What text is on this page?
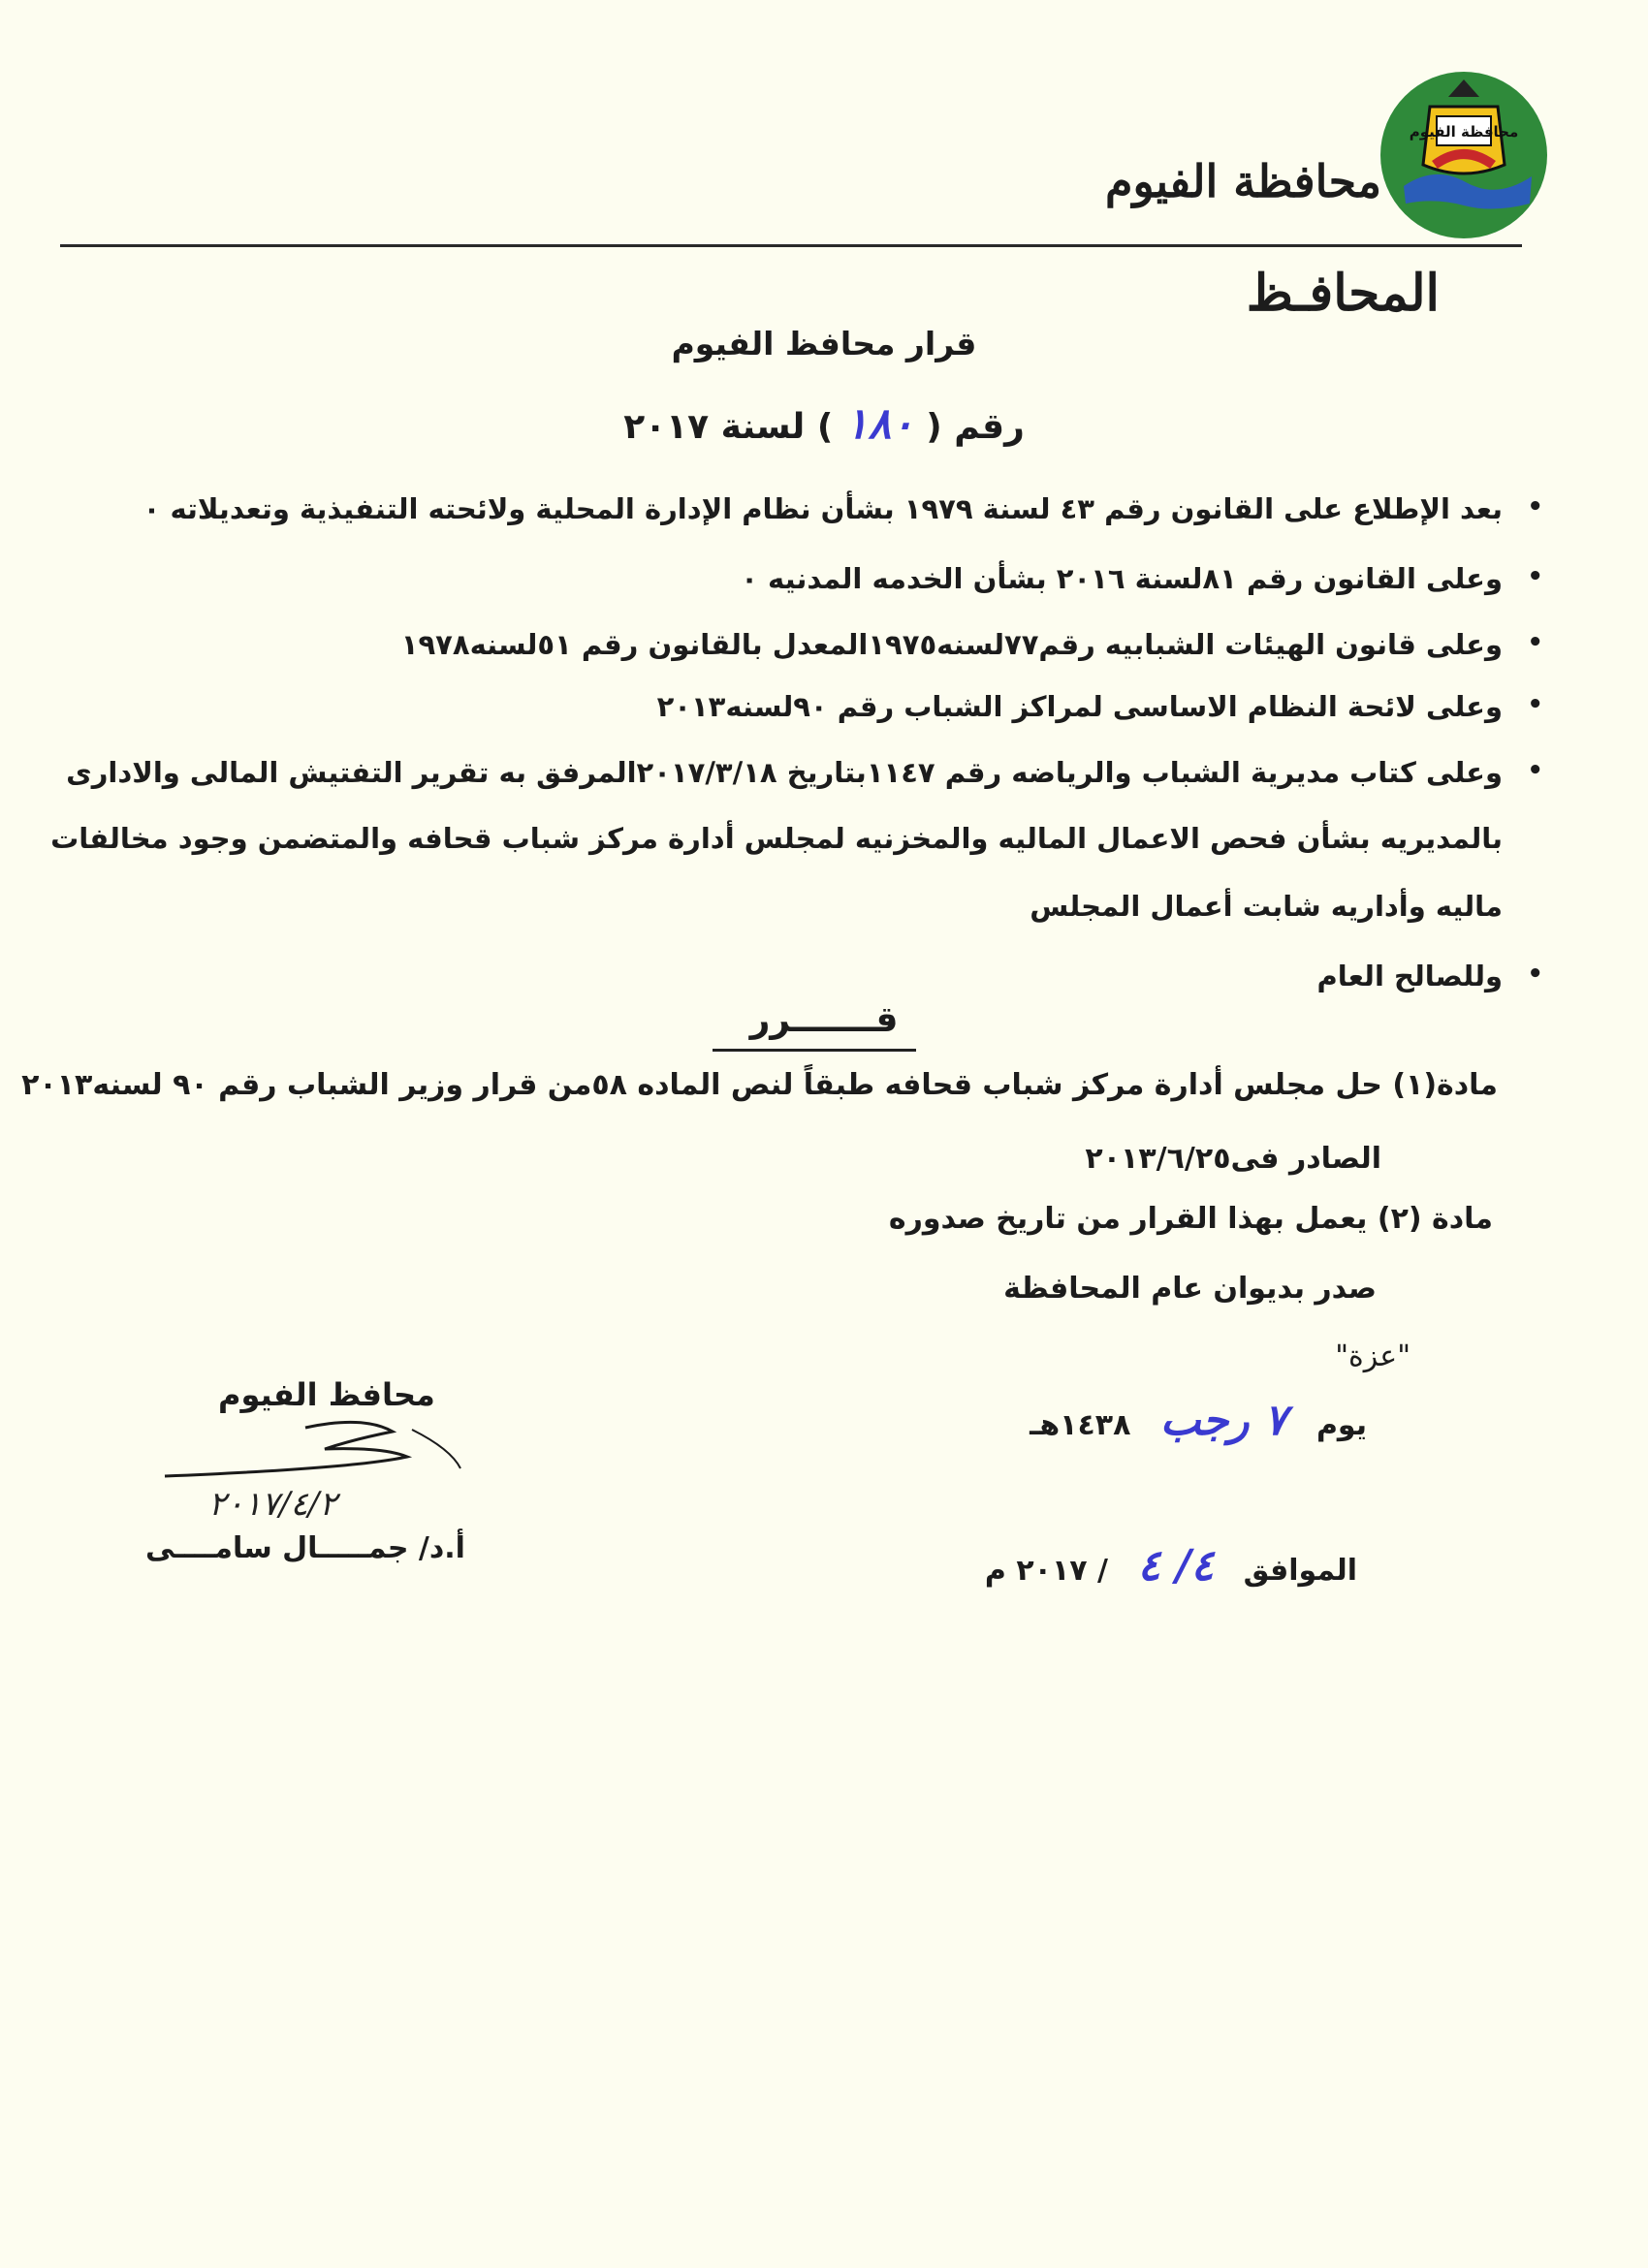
محافظة الفيوم
محافظة الفيوم
المحافـظ
قرار محافظ الفيوم
رقم ( ١٨٠ ) لسنة ٢٠١٧
• بعد الإطلاع على القانون رقم ٤٣ لسنة ١٩٧٩ بشأن نظام الإدارة المحلية ولائحته التنفيذية وتعديلاته ٠
• وعلى القانون رقم ٨١لسنة ٢٠١٦ بشأن الخدمه المدنيه ٠
• وعلى قانون الهيئات الشبابيه رقم٧٧لسنه١٩٧٥المعدل بالقانون رقم ٥١لسنه١٩٧٨
• وعلى لائحة النظام الاساسى لمراكز الشباب رقم ٩٠لسنه٢٠١٣
• وعلى كتاب مديرية الشباب والرياضه رقم ١١٤٧بتاريخ ٢٠١٧/٣/١٨المرفق به تقرير التفتيش المالى والادارى
بالمديريه بشأن فحص الاعمال الماليه والمخزنيه لمجلس أدارة مركز شباب قحافه والمتضمن وجود مخالفات
ماليه وأداريه شابت أعمال المجلس
• وللصالح العام
قـــــــرر
مادة(١) حل مجلس أدارة مركز شباب قحافه طبقاً لنص الماده ٥٨من قرار وزير الشباب رقم ٩٠ لسنه٢٠١٣
الصادر فى٢٠١٣/٦/٢٥
مادة (٢) يعمل بهذا القرار من تاريخ صدوره
صدر بديوان عام المحافظة
"عزة"
يوم ٧ رجب ١٤٣٨هـ
الموافق ٤/ ٤ / ٢٠١٧ م
محافظ الفيوم
٢٠١٧/٤/٢
أ.د/ جمـــــال سامــــى
